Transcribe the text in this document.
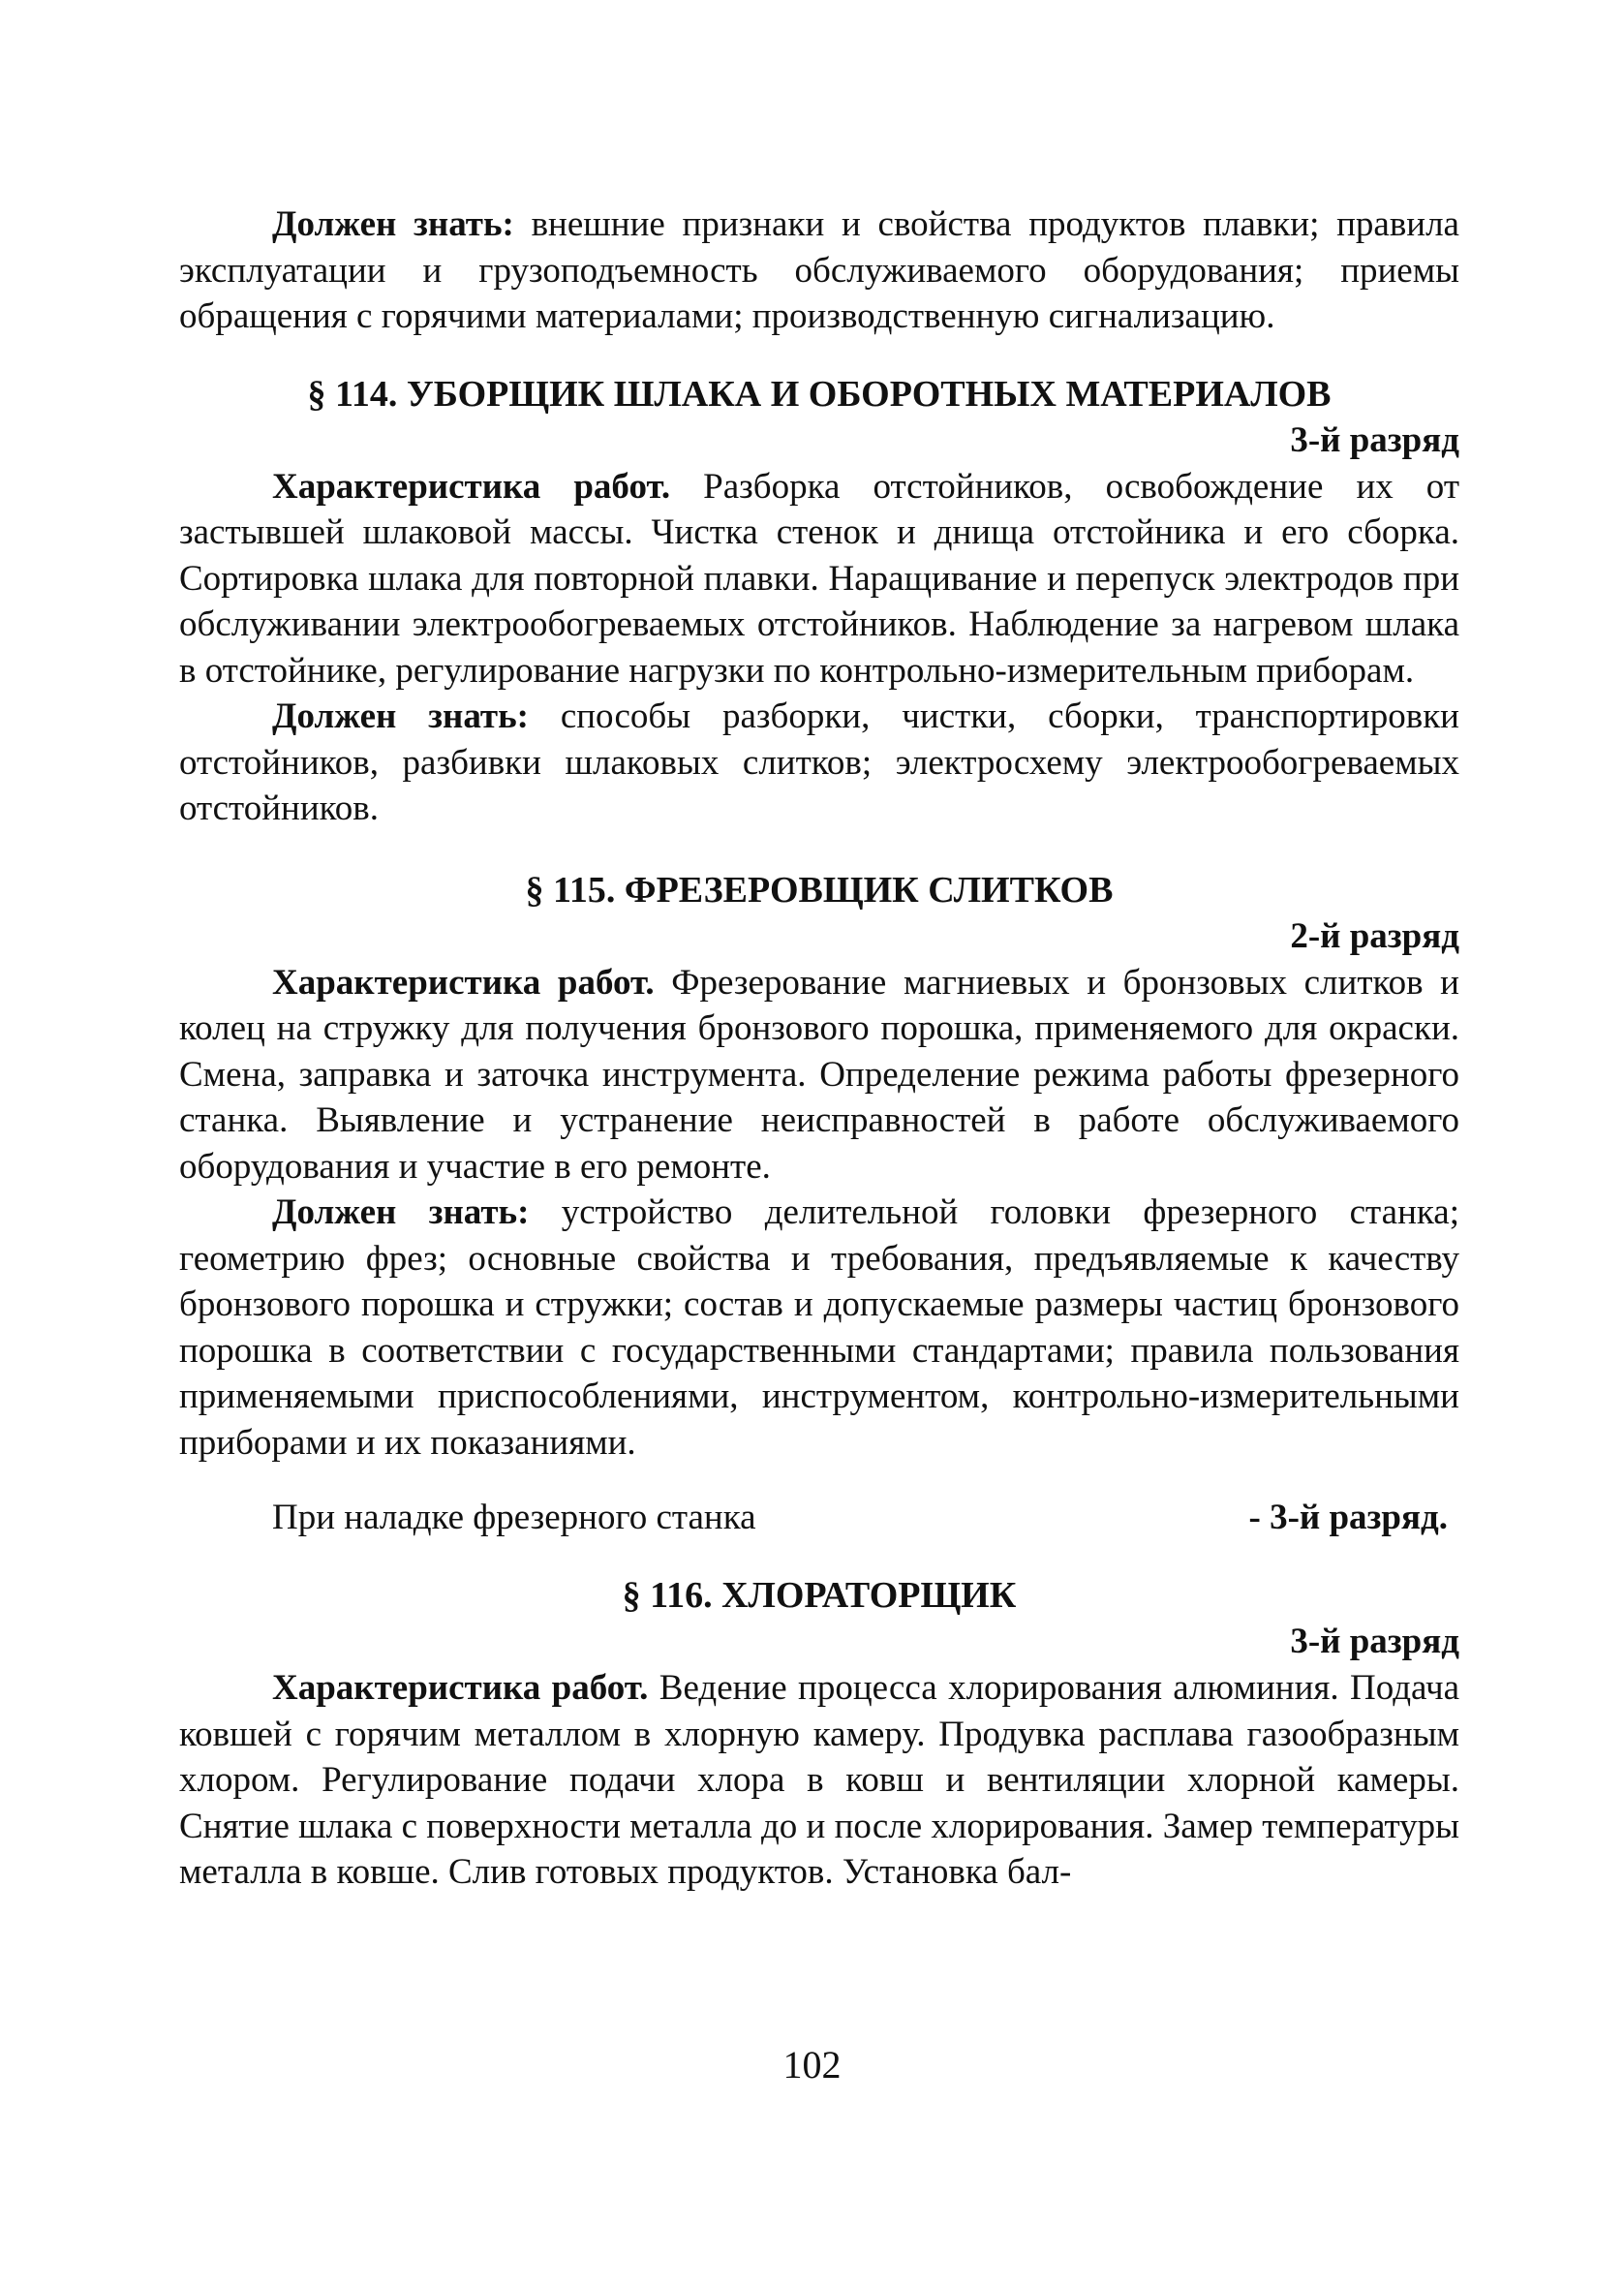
Должен знать: внешние признаки и свойства продуктов плавки; правила эксплуатации и грузоподъемность обслуживаемого оборудования; приемы обращения с горячими материалами; производственную сигнализацию.

§ 114. УБОРЩИК ШЛАКА И ОБОРОТНЫХ МАТЕРИАЛОВ

3-й разряд

Характеристика работ. Разборка отстойников, освобождение их от застывшей шлаковой массы. Чистка стенок и днища отстойника и его сборка. Сортировка шлака для повторной плавки. Наращивание и перепуск электродов при обслуживании электрообогреваемых отстойников. Наблюдение за нагревом шлака в отстойнике, регулирование нагрузки по контрольно-измерительным приборам.

Должен знать: способы разборки, чистки, сборки, транспортировки отстойников, разбивки шлаковых слитков; электросхему электрообогреваемых отстойников.

§ 115. ФРЕЗЕРОВЩИК СЛИТКОВ

2-й разряд

Характеристика работ. Фрезерование магниевых и бронзовых слитков и колец на стружку для получения бронзового порошка, применяемого для окраски. Смена, заправка и заточка инструмента. Определение режима работы фрезерного станка. Выявление и устранение неисправностей в работе обслуживаемого оборудования и участие в его ремонте.

Должен знать: устройство делительной головки фрезерного станка; геометрию фрез; основные свойства и требования, предъявляемые к качеству бронзового порошка и стружки; состав и допускаемые размеры частиц бронзового порошка в соответствии с государственными стандартами; правила пользования применяемыми приспособлениями, инструментом, контрольно-измерительными приборами и их показаниями.

При наладке фрезерного станка	- 3-й разряд.
§ 116. ХЛОРАТОРЩИК

3-й разряд

Характеристика работ. Ведение процесса хлорирования алюминия. Подача ковшей с горячим металлом в хлорную камеру. Продувка расплава газообразным хлором. Регулирование подачи хлора в ковш и вентиляции хлорной камеры. Снятие шлака с поверхности металла до и после хлорирования. Замер температуры металла в ковше. Слив готовых продуктов. Установка бал-

102
